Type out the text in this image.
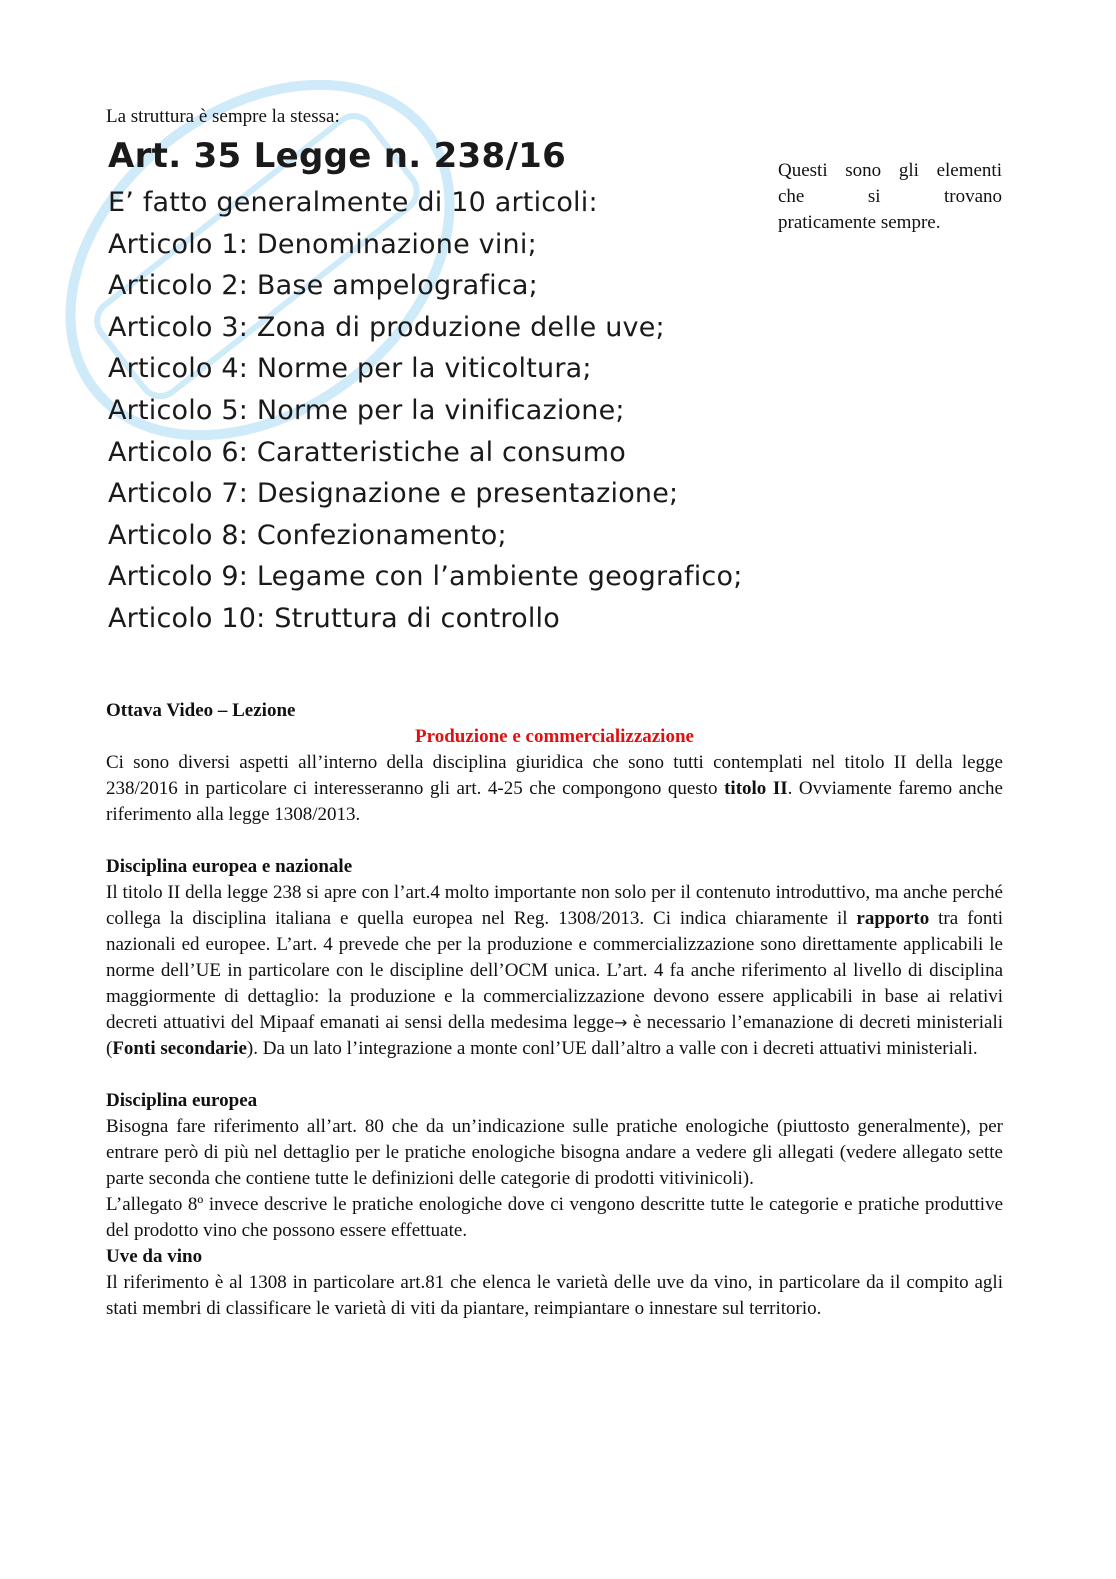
La struttura è sempre la stessa:
Art. 35 Legge n. 238/16
E’ fatto generalmente di 10 articoli:
Articolo 1: Denominazione vini;
Articolo 2: Base ampelografica;
Articolo 3: Zona di produzione delle uve;
Articolo 4: Norme per la viticoltura;
Articolo 5: Norme per la vinificazione;
Articolo 6: Caratteristiche al consumo
Articolo 7: Designazione e presentazione;
Articolo 8: Confezionamento;
Articolo 9: Legame con l’ambiente geografico;
Articolo 10: Struttura di controllo
Questi sono gli elementi
che si trovano
praticamente sempre.

Ottava Video – Lezione

Produzione e commercializzazione

Ci sono diversi aspetti all’interno della disciplina giuridica che sono tutti contemplati nel titolo II della legge 238/2016 in particolare ci interesseranno gli art. 4-25 che compongono questo titolo II. Ovviamente faremo anche riferimento alla legge 1308/2013.

Disciplina europea e nazionale

Il titolo II della legge 238 si apre con l’art.4 molto importante non solo per il contenuto introduttivo, ma anche perché collega la disciplina italiana e quella europea nel Reg. 1308/2013. Ci indica chiaramente il rapporto tra fonti nazionali ed europee. L’art. 4 prevede che per la produzione e commercializzazione sono direttamente applicabili le norme dell’UE in particolare con le discipline dell’OCM unica. L’art. 4 fa anche riferimento al livello di disciplina maggiormente di dettaglio: la produzione e la commercializzazione devono essere applicabili in base ai relativi decreti attuativi del Mipaaf emanati ai sensi della medesima legge→ è necessario l’emanazione di decreti ministeriali (Fonti secondarie). Da un lato l’integrazione a monte conl’UE dall’altro a valle con i decreti attuativi ministeriali.

Disciplina europea

Bisogna fare riferimento all’art. 80 che da un’indicazione sulle pratiche enologiche (piuttosto generalmente), per entrare però di più nel dettaglio per le pratiche enologiche bisogna andare a vedere gli allegati (vedere allegato sette parte seconda che contiene tutte le definizioni delle categorie di prodotti vitivinicoli).

L’allegato 8º invece descrive le pratiche enologiche dove ci vengono descritte tutte le categorie e pratiche produttive del prodotto vino che possono essere effettuate.

Uve da vino

Il riferimento è al 1308 in particolare art.81 che elenca le varietà delle uve da vino, in particolare da il compito agli stati membri di classificare le varietà di viti da piantare, reimpiantare o innestare sul territorio.
